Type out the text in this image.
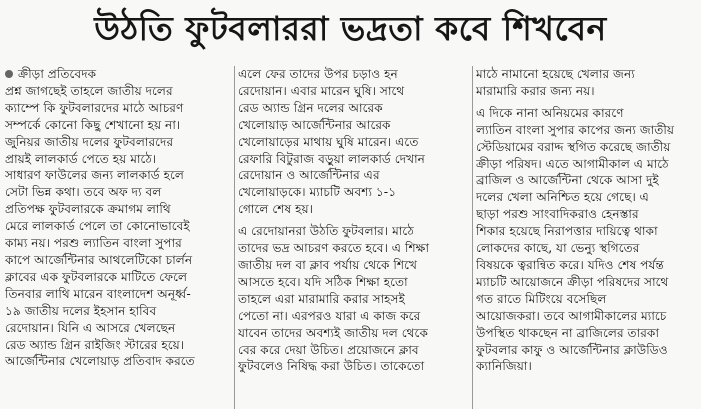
উঠতি ফুটবলাররা ভদ্রতা কবে শিখবেন
ক্রীড়া প্রতিবেদক
প্রশ্ন জাগছেই তাহলে জাতীয় দলের
ক্যাম্পে কি ফুটবলারদের মাঠে আচরণ
সম্পর্কে কোনো কিছু শেখানো হয় না।
জুনিয়র জাতীয় দলের ফুটবলারদের
প্রায়ই লালকার্ড পেতে হয় মাঠে।
সাধারণ ফাউলের জন্য লালকার্ড হলে
সেটা ভিন্ন কথা। তবে অফ দ্য বল
প্রতিপক্ষ ফুটবলারকে ক্রমাগম লাথি
মেরে লালকার্ড পেলে তা কোনোভাবেই
কাম্য নয়। পরশু ল্যাতিন বাংলা সুপার
কাপে আর্জেন্টিনার আথলেটিকো চার্লন
ক্লাবের এক ফুটবলারকে মাটিতে ফেলে
তিনবার লাথি মারেন বাংলাদেশ অনূর্ধ্ব-
১৯ জাতীয় দলের ইহসান হাবিব
রেদোয়ান। যিনি এ আসরে খেলছেন
রেড অ্যান্ড গ্রিন রাইজিং স্টারের হয়ে।
আর্জেন্টিনার খেলোয়াড় প্রতিবাদ করতে
এলে ফের তাদের উপর চড়াও হন
রেদোয়ান। এবার মারেন ঘুষি। সাথে
রেড অ্যান্ড গ্রিন দলের আরেক
খেলোয়াড় আর্জেন্টিনার আরেক
খেলোয়াড়ের মাথায় ঘুষি মারেন। এতে
রেফারি বিটুরাজ বড়ুয়া লালকার্ড দেখান
রেদোয়ান ও আর্জেন্টিনার এর
খেলোয়াড়কে। ম্যাচটি অবশ্য ১-১
গোলে শেষ হয়।
এ রেদোয়ানরা উঠতি ফুটবলার। মাঠে
তাদের ভদ্র আচরণ করতে হবে। এ শিক্ষা
জাতীয় দল বা ক্লাব পর্যায় থেকে শিখে
আসতে হবে। যদি সঠিক শিক্ষা হতো
তাহলে এরা মারামারি করার সাহসই
পেতো না। এরপরও যারা এ কাজ করে
যাবেন তাদের অবশ্যই জাতীয় দল থেকে
বের করে দেয়া উচিত। প্রয়োজনে ক্লাব
ফুটবলেও নিষিদ্ধ করা উচিত। তাকেতো
মাঠে নামানো হয়েছে খেলার জন্য
মারামারি করার জন্য নয়।
এ দিকে নানা অনিয়মের কারণে
ল্যাতিন বাংলা সুপার কাপের জন্য জাতীয়
স্টেডিয়ামের বরাদ্দ স্থগিত করেছে জাতীয়
ক্রীড়া পরিষদ। এতে আগামীকাল এ মাঠে
ব্রাজিল ও আর্জেন্টিনা থেকে আসা দুই
দলের খেলা অনিশ্চিত হয়ে গেছে। এ
ছাড়া পরশু সাংবাদিকরাও হেনস্তার
শিকার হয়েছে নিরাপত্তার দায়িত্বে থাকা
লোকদের কাছে, যা ভেন্যু স্থগিতের
বিষয়কে ত্বরান্বিত করে। যদিও শেষ পর্যন্ত
ম্যাচটি আয়োজনে ক্রীড়া পরিষদের সাথে
গত রাতে মিটিংয়ে বসেছিল
আয়োজকরা। তবে আগামীকালের ম্যাচে
উপস্থিত থাকছেন না ব্রাজিলের তারকা
ফুটবলার কাফু ও আর্জেন্টিনার ক্লাউডিও
ক্যানিজিয়া।
